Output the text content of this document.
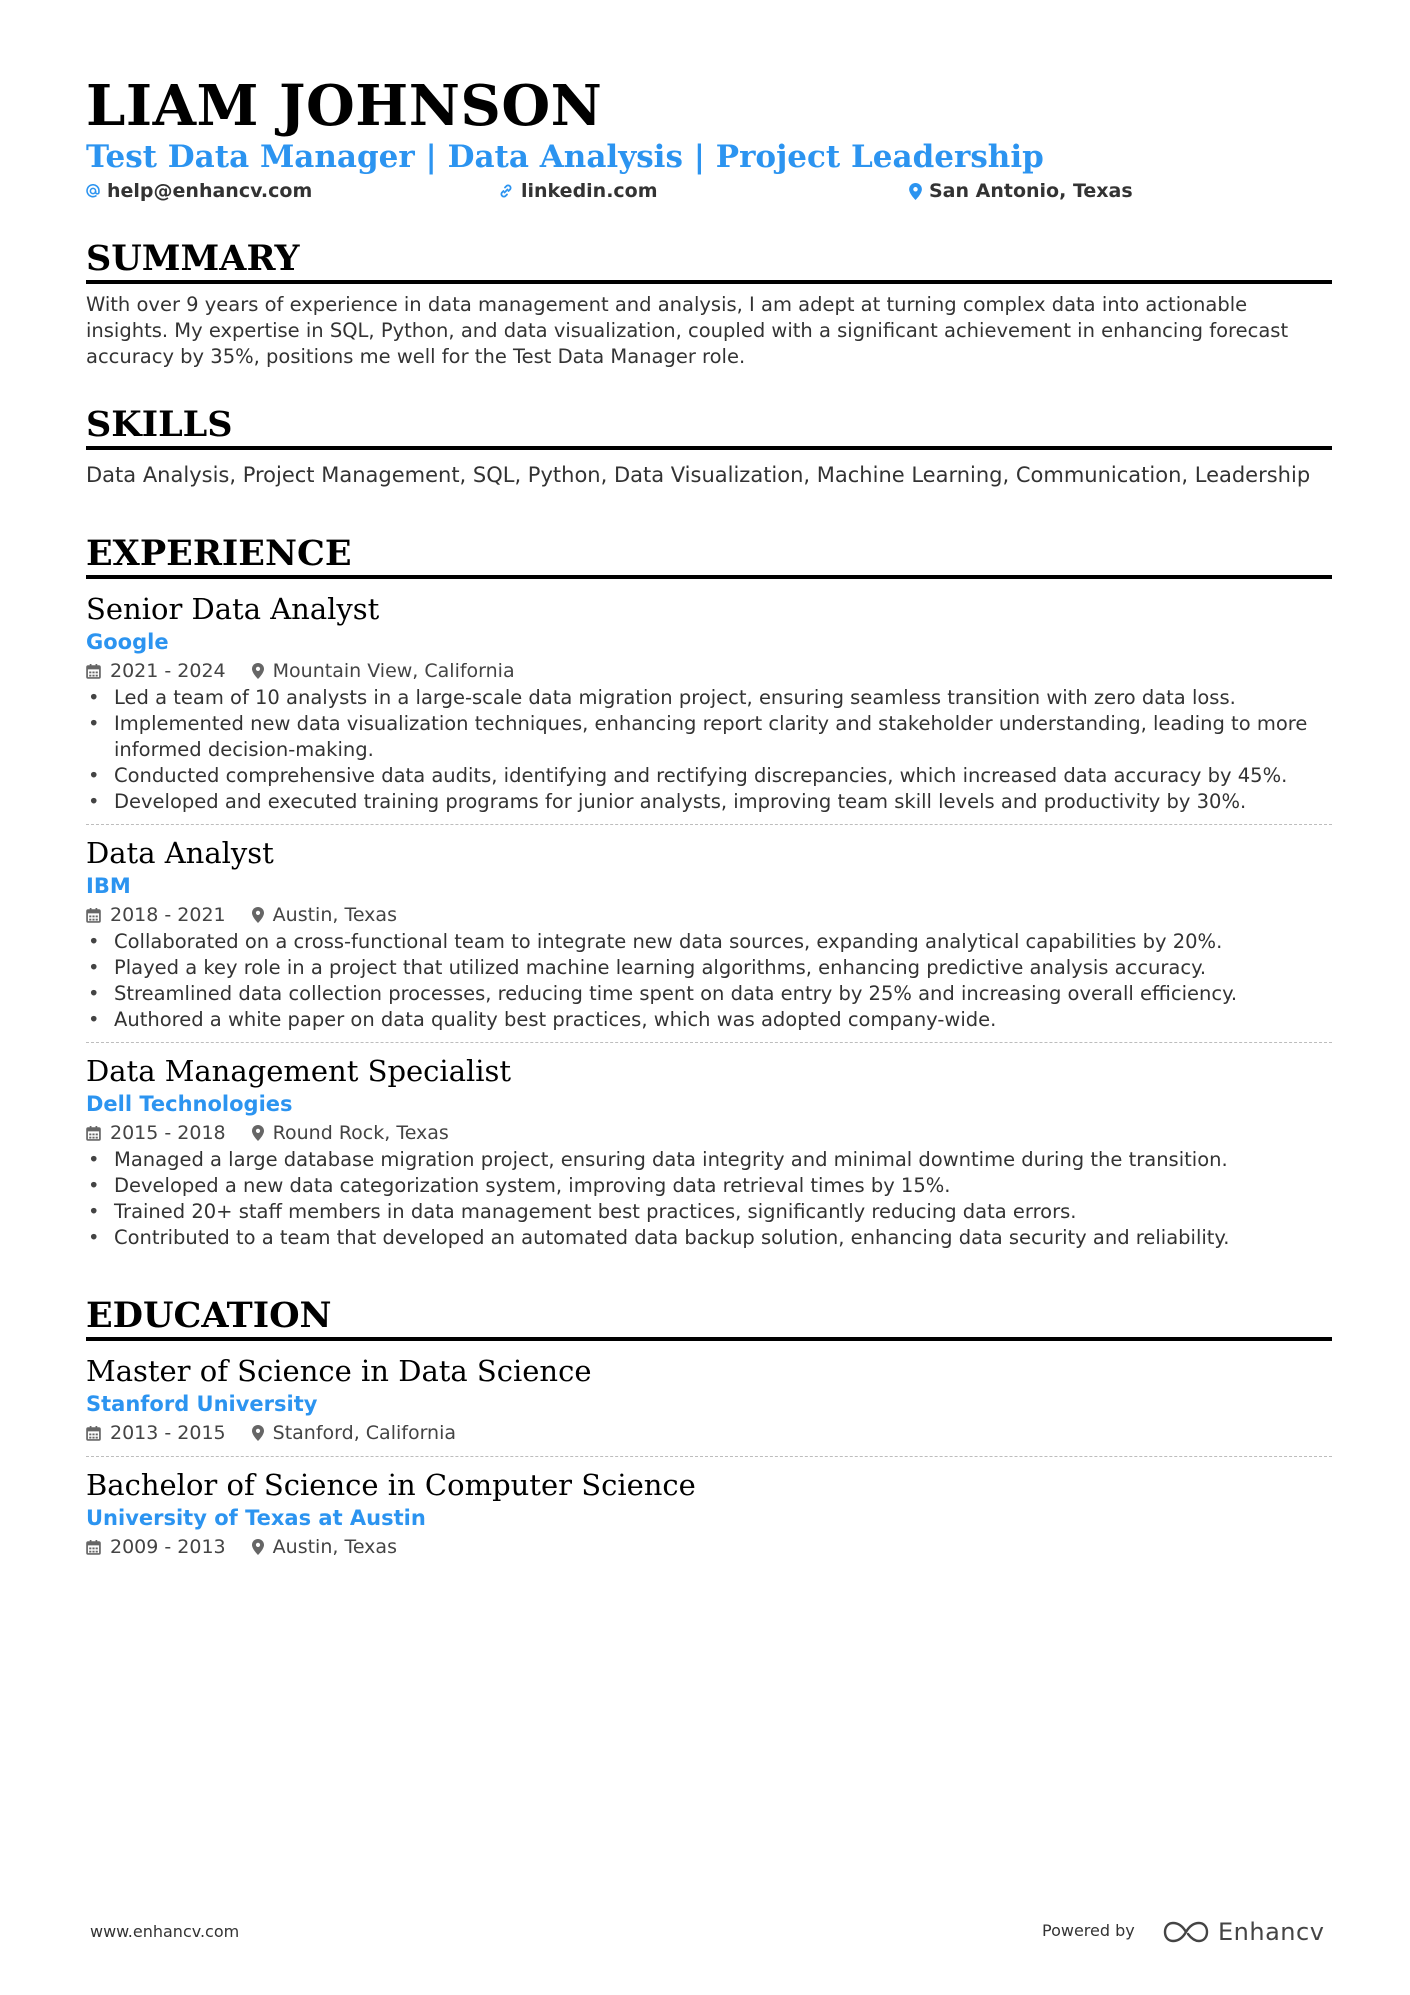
LIAM JOHNSON

Test Data Manager | Data Analysis | Project Leadership

help@enhancv.com	linkedin.com	San Antonio, Texas
SUMMARY

With over 9 years of experience in data management and analysis, I am adept at turning complex data into actionable insights. My expertise in SQL, Python, and data visualization, coupled with a significant achievement in enhancing forecast accuracy by 35%, positions me well for the Test Data Manager role.

SKILLS

Data Analysis, Project Management, SQL, Python, Data Visualization, Machine Learning, Communication, Leadership

EXPERIENCE

Senior Data Analyst

Google

2021 - 2024 Mountain View, California
• Led a team of 10 analysts in a large-scale data migration project, ensuring seamless transition with zero data loss.
• Implemented new data visualization techniques, enhancing report clarity and stakeholder understanding, leading to more informed decision-making.
• Conducted comprehensive data audits, identifying and rectifying discrepancies, which increased data accuracy by 45%.
• Developed and executed training programs for junior analysts, improving team skill levels and productivity by 30%.

Data Analyst

IBM

2018 - 2021 Austin, Texas
• Collaborated on a cross-functional team to integrate new data sources, expanding analytical capabilities by 20%.
• Played a key role in a project that utilized machine learning algorithms, enhancing predictive analysis accuracy.
• Streamlined data collection processes, reducing time spent on data entry by 25% and increasing overall efficiency.
• Authored a white paper on data quality best practices, which was adopted company-wide.

Data Management Specialist

Dell Technologies

2015 - 2018 Round Rock, Texas
• Managed a large database migration project, ensuring data integrity and minimal downtime during the transition.
• Developed a new data categorization system, improving data retrieval times by 15%.
• Trained 20+ staff members in data management best practices, significantly reducing data errors.
• Contributed to a team that developed an automated data backup solution, enhancing data security and reliability.
EDUCATION

Master of Science in Data Science

Stanford University

2013 - 2015 Stanford, California

Bachelor of Science in Computer Science

University of Texas at Austin

2009 - 2013 Austin, Texas
www.enhancv.com	Powered by	Enhancv
